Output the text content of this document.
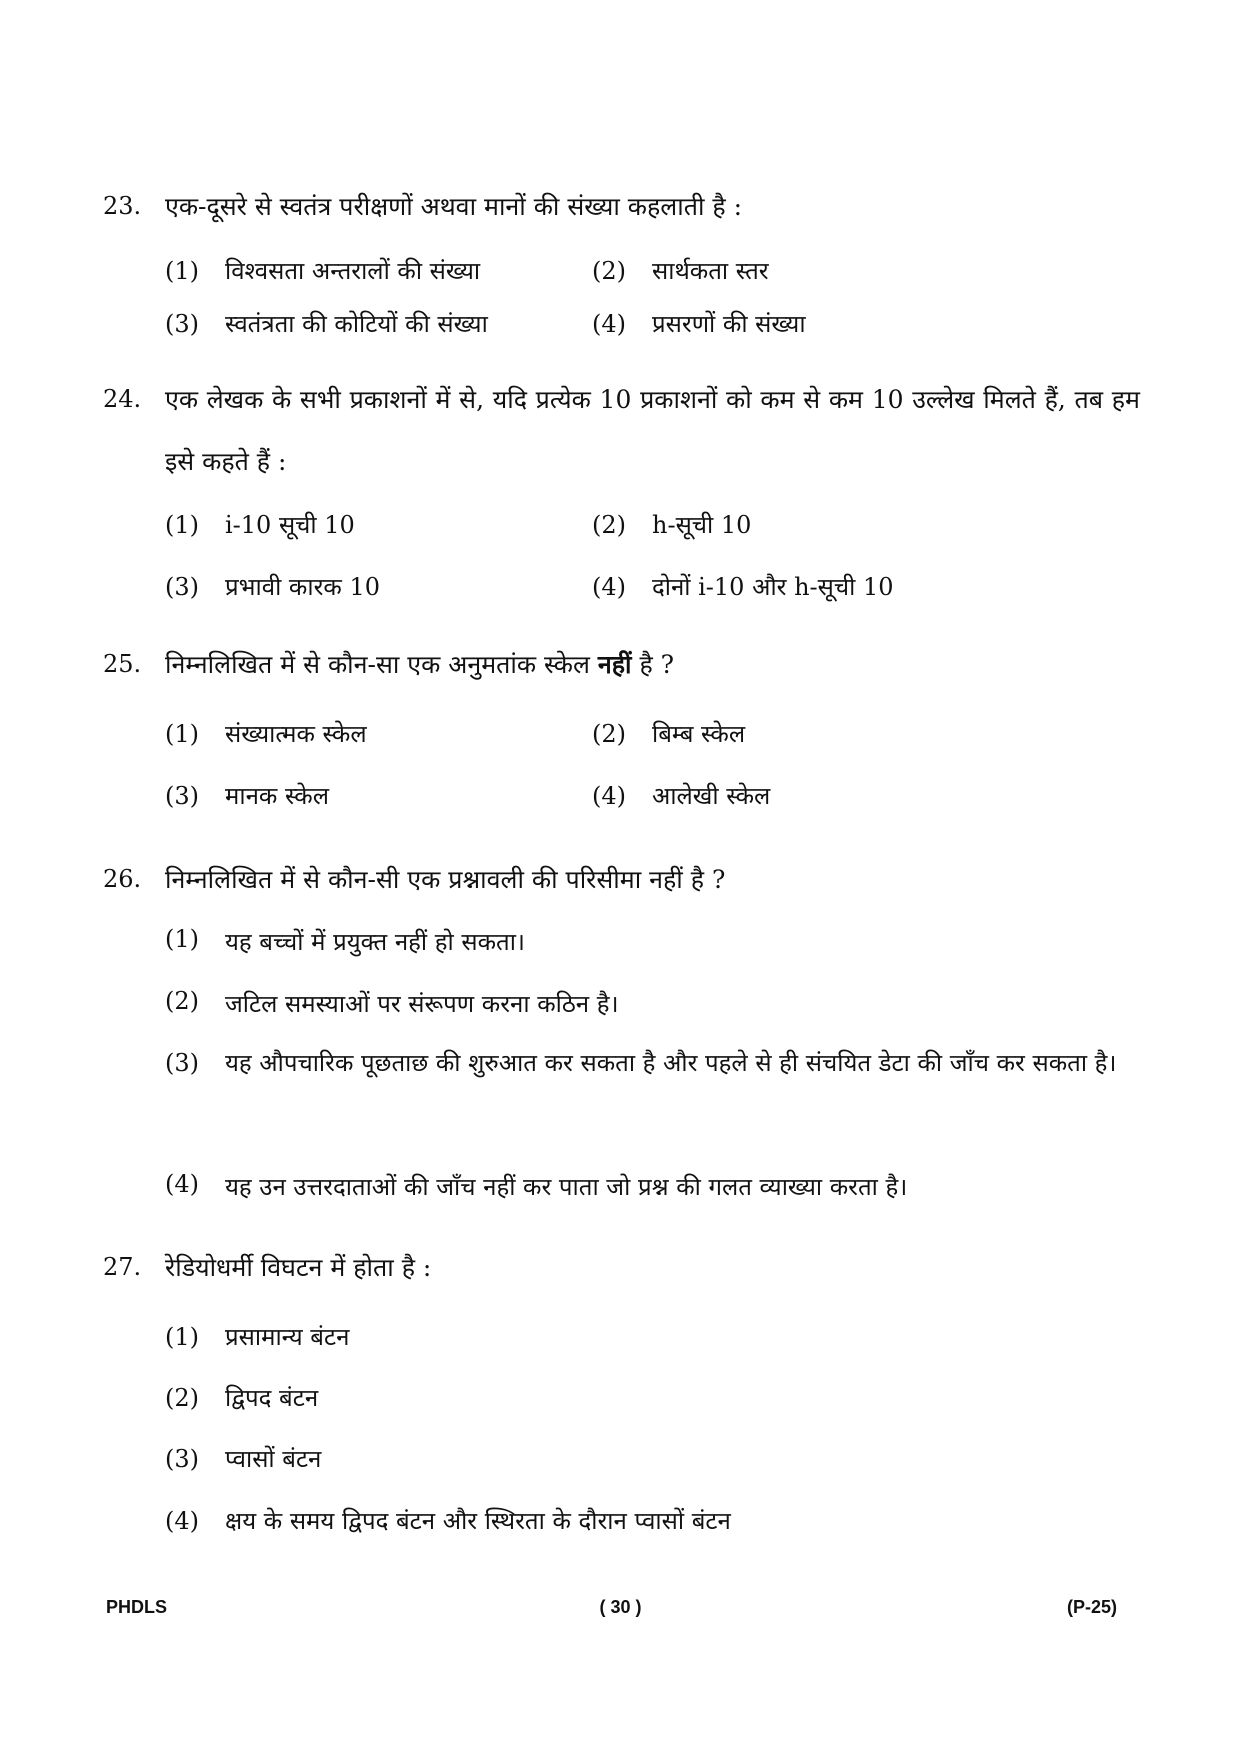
23. एक-दूसरे से स्वतंत्र परीक्षणों अथवा मानों की संख्या कहलाती है :
(1) विश्वसता अन्तरालों की संख्या	(2) सार्थकता स्तर
(3) स्वतंत्रता की कोटियों की संख्या	(4) प्रसरणों की संख्या
24. एक लेखक के सभी प्रकाशनों में से, यदि प्रत्येक 10 प्रकाशनों को कम से कम 10 उल्लेख मिलते हैं, तब हम इसे कहते हैं :
(1) i-10 सूची 10	(2) h-सूची 10
(3) प्रभावी कारक 10	(4) दोनों i-10 और h-सूची 10
25. निम्नलिखित में से कौन-सा एक अनुमतांक स्केल नहीं है ?
(1) संख्यात्मक स्केल	(2) बिम्ब स्केल
(3) मानक स्केल	(4) आलेखी स्केल
26. निम्नलिखित में से कौन-सी एक प्रश्नावली की परिसीमा नहीं है ?
(1)	यह बच्चों में प्रयुक्त नहीं हो सकता।
(2)	जटिल समस्याओं पर संरूपण करना कठिन है।
(3)	यह औपचारिक पूछताछ की शुरुआत कर सकता है और पहले से ही संचयित डेटा की जाँच कर सकता है।
(4)	यह उन उत्तरदाताओं की जाँच नहीं कर पाता जो प्रश्न की गलत व्याख्या करता है।
27. रेडियोधर्मी विघटन में होता है :
(1) प्रसामान्य बंटन
(2) द्विपद बंटन
(3) प्वासों बंटन
(4) क्षय के समय द्विपद बंटन और स्थिरता के दौरान प्वासों बंटन
PHDLS	( 30 )	(P-25)
